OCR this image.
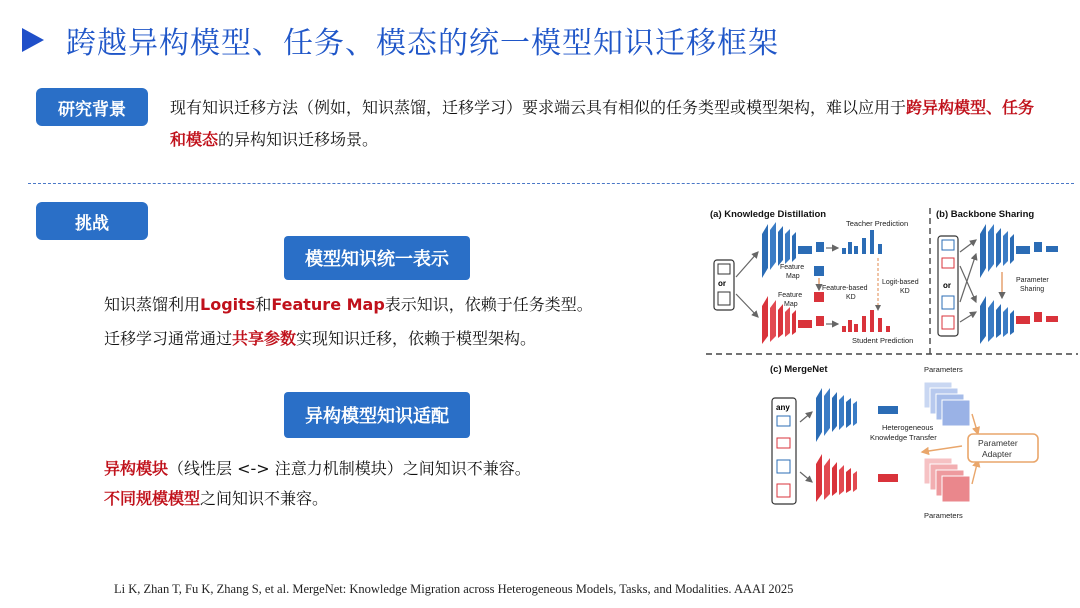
跨越异构模型、任务、模态的统一模型知识迁移框架
研究背景	现有知识迁移方法（例如，知识蒸馏，迁移学习）要求端云具有相似的任务类型或模型架构，难以应用于跨异构模型、任务和模态的异构知识迁移场景。
挑战
模型知识统一表示
知识蒸馏利用Logits和Feature Map表示知识，依赖于任务类型。
迁移学习通常通过共享参数实现知识迁移，依赖于模型架构。
异构模型知识适配
异构模块（线性层 <-> 注意力机制模块）之间知识不兼容。
不同规模模型之间知识不兼容。
(a) Knowledge Distillation
or
Teacher Prediction
Feature
Map
Feature-based
KD
Logit-based
KD
Feature
Map
Student Prediction
(b) Backbone Sharing
or
Parameter
Sharing
(c) MergeNet	Parameters
any
Heterogeneous
Knowledge Transfer
Parameter
Adapter
Parameters
Li K, Zhan T, Fu K, Zhang S, et al. MergeNet: Knowledge Migration across Heterogeneous Models, Tasks, and Modalities. AAAI 2025
